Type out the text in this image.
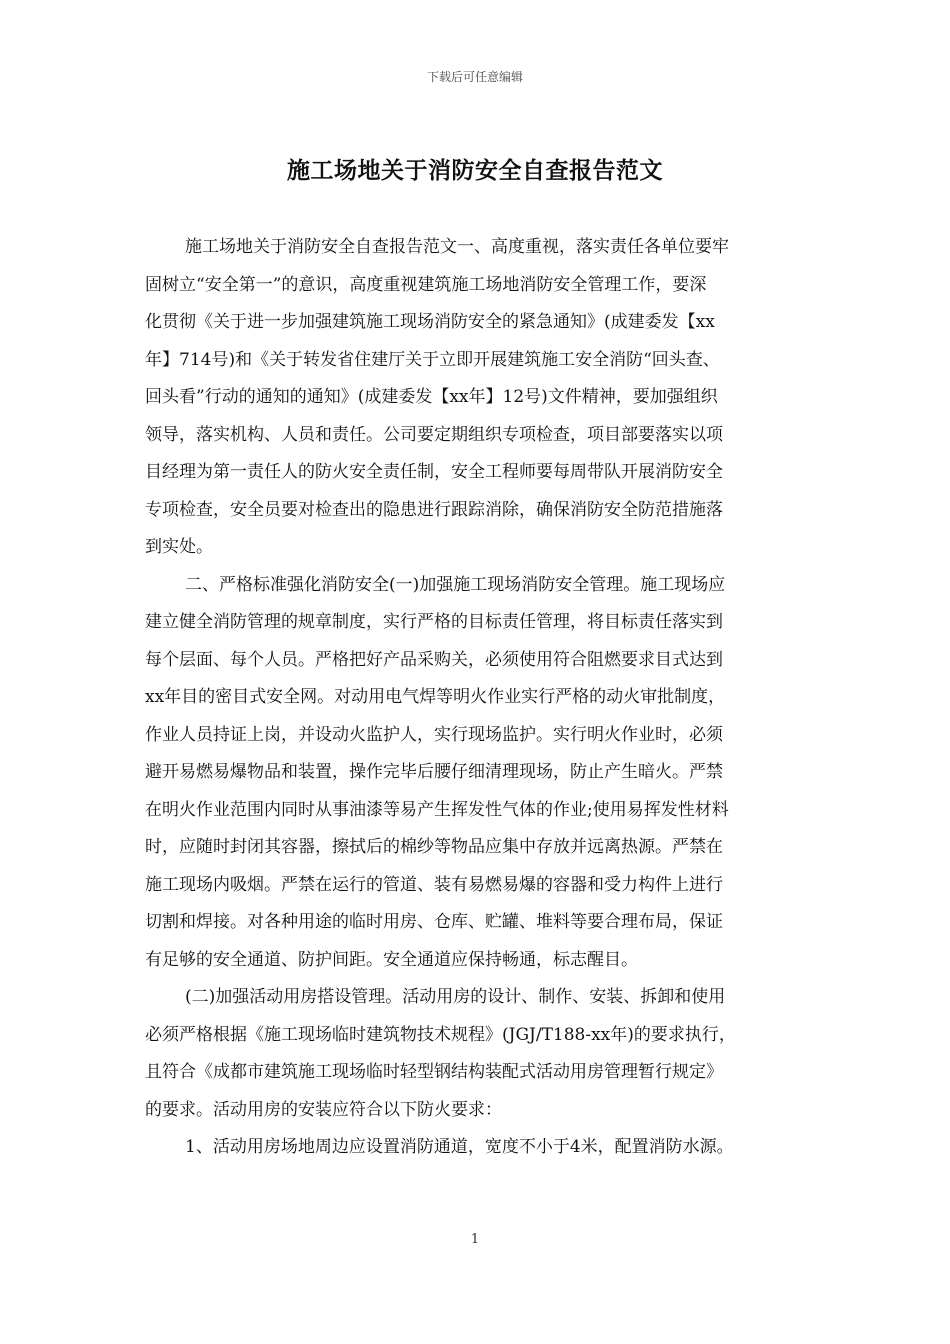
下载后可任意编辑
施工场地关于消防安全自查报告范文
施工场地关于消防安全自查报告范文一、高度重视，落实责任各单位要牢
固树立“安全第一”的意识，高度重视建筑施工场地消防安全管理工作，要深
化贯彻《关于进一步加强建筑施工现场消防安全的紧急通知》(成建委发【xx
年】714号)和《关于转发省住建厅关于立即开展建筑施工安全消防“回头查、
回头看”行动的通知的通知》(成建委发【xx年】12号)文件精神，要加强组织
领导，落实机构、人员和责任。公司要定期组织专项检查，项目部要落实以项
目经理为第一责任人的防火安全责任制，安全工程师要每周带队开展消防安全
专项检查，安全员要对检查出的隐患进行跟踪消除，确保消防安全防范措施落
到实处。
二、严格标准强化消防安全(一)加强施工现场消防安全管理。施工现场应
建立健全消防管理的规章制度，实行严格的目标责任管理，将目标责任落实到
每个层面、每个人员。严格把好产品采购关，必须使用符合阻燃要求目式达到
xx年目的密目式安全网。对动用电气焊等明火作业实行严格的动火审批制度，
作业人员持证上岗，并设动火监护人，实行现场监护。实行明火作业时，必须
避开易燃易爆物品和装置，操作完毕后腰仔细清理现场，防止产生暗火。严禁
在明火作业范围内同时从事油漆等易产生挥发性气体的作业;使用易挥发性材料
时，应随时封闭其容器，擦拭后的棉纱等物品应集中存放并远离热源。严禁在
施工现场内吸烟。严禁在运行的管道、装有易燃易爆的容器和受力构件上进行
切割和焊接。对各种用途的临时用房、仓库、贮罐、堆料等要合理布局，保证
有足够的安全通道、防护间距。安全通道应保持畅通，标志醒目。
(二)加强活动用房搭设管理。活动用房的设计、制作、安装、拆卸和使用
必须严格根据《施工现场临时建筑物技术规程》(JGJ/T188-xx年)的要求执行，
且符合《成都市建筑施工现场临时轻型钢结构装配式活动用房管理暂行规定》
的要求。活动用房的安装应符合以下防火要求：
1、活动用房场地周边应设置消防通道，宽度不小于4米，配置消防水源。
1
